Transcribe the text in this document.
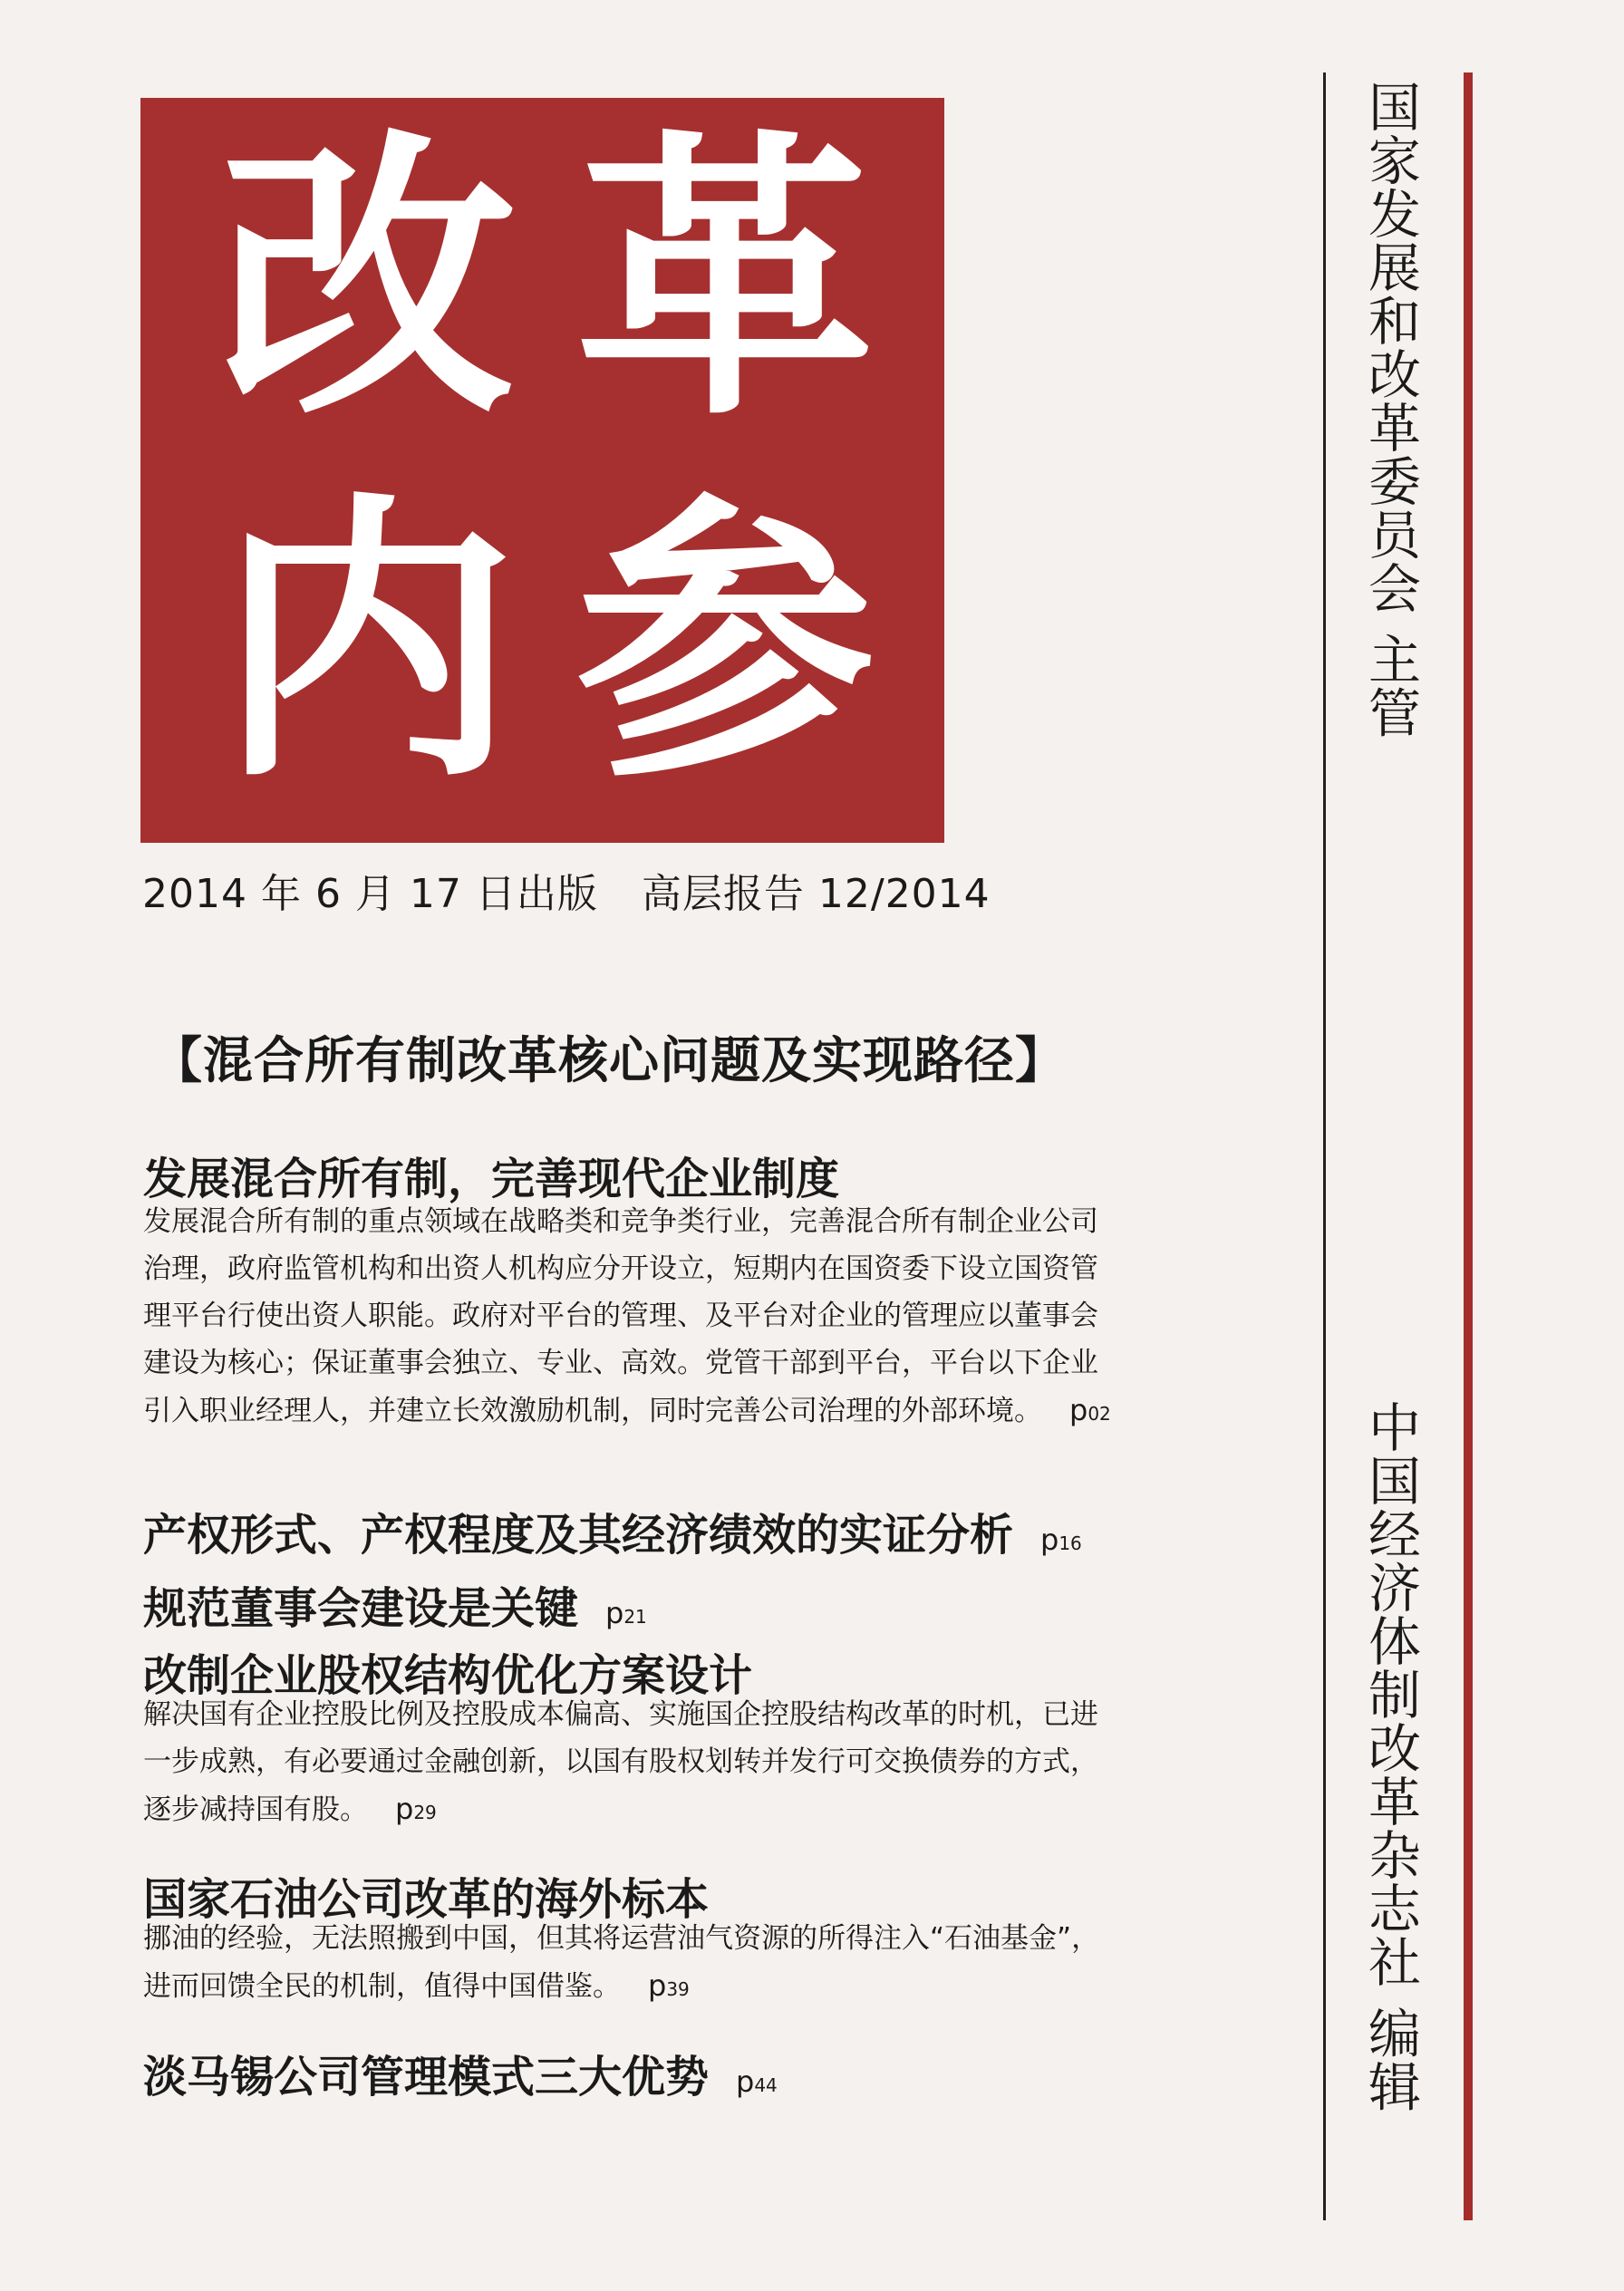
改 革
内 参
2014 年 6 月 17 日出版 高层报告 12/2014
【混合所有制改革核心问题及实现路径】
发展混合所有制，完善现代企业制度
发展混合所有制的重点领域在战略类和竞争类行业，完善混合所有制企业公司治理，政府监管机构和出资人机构应分开设立，短期内在国资委下设立国资管理平台行使出资人职能。政府对平台的管理、及平台对企业的管理应以董事会建设为核心；保证董事会独立、专业、高效。党管干部到平台，平台以下企业引入职业经理人，并建立长效激励机制，同时完善公司治理的外部环境。 p02
产权形式、产权程度及其经济绩效的实证分析 p16
规范董事会建设是关键 p21
改制企业股权结构优化方案设计
解决国有企业控股比例及控股成本偏高、实施国企控股结构改革的时机，已进一步成熟，有必要通过金融创新，以国有股权划转并发行可交换债券的方式，逐步减持国有股。 p29
国家石油公司改革的海外标本
挪油的经验，无法照搬到中国，但其将运营油气资源的所得注入“石油基金”，进而回馈全民的机制，值得中国借鉴。 p39
淡马锡公司管理模式三大优势 p44
国家发展和改革委员会 主管
中国经济体制改革杂志社 编辑
